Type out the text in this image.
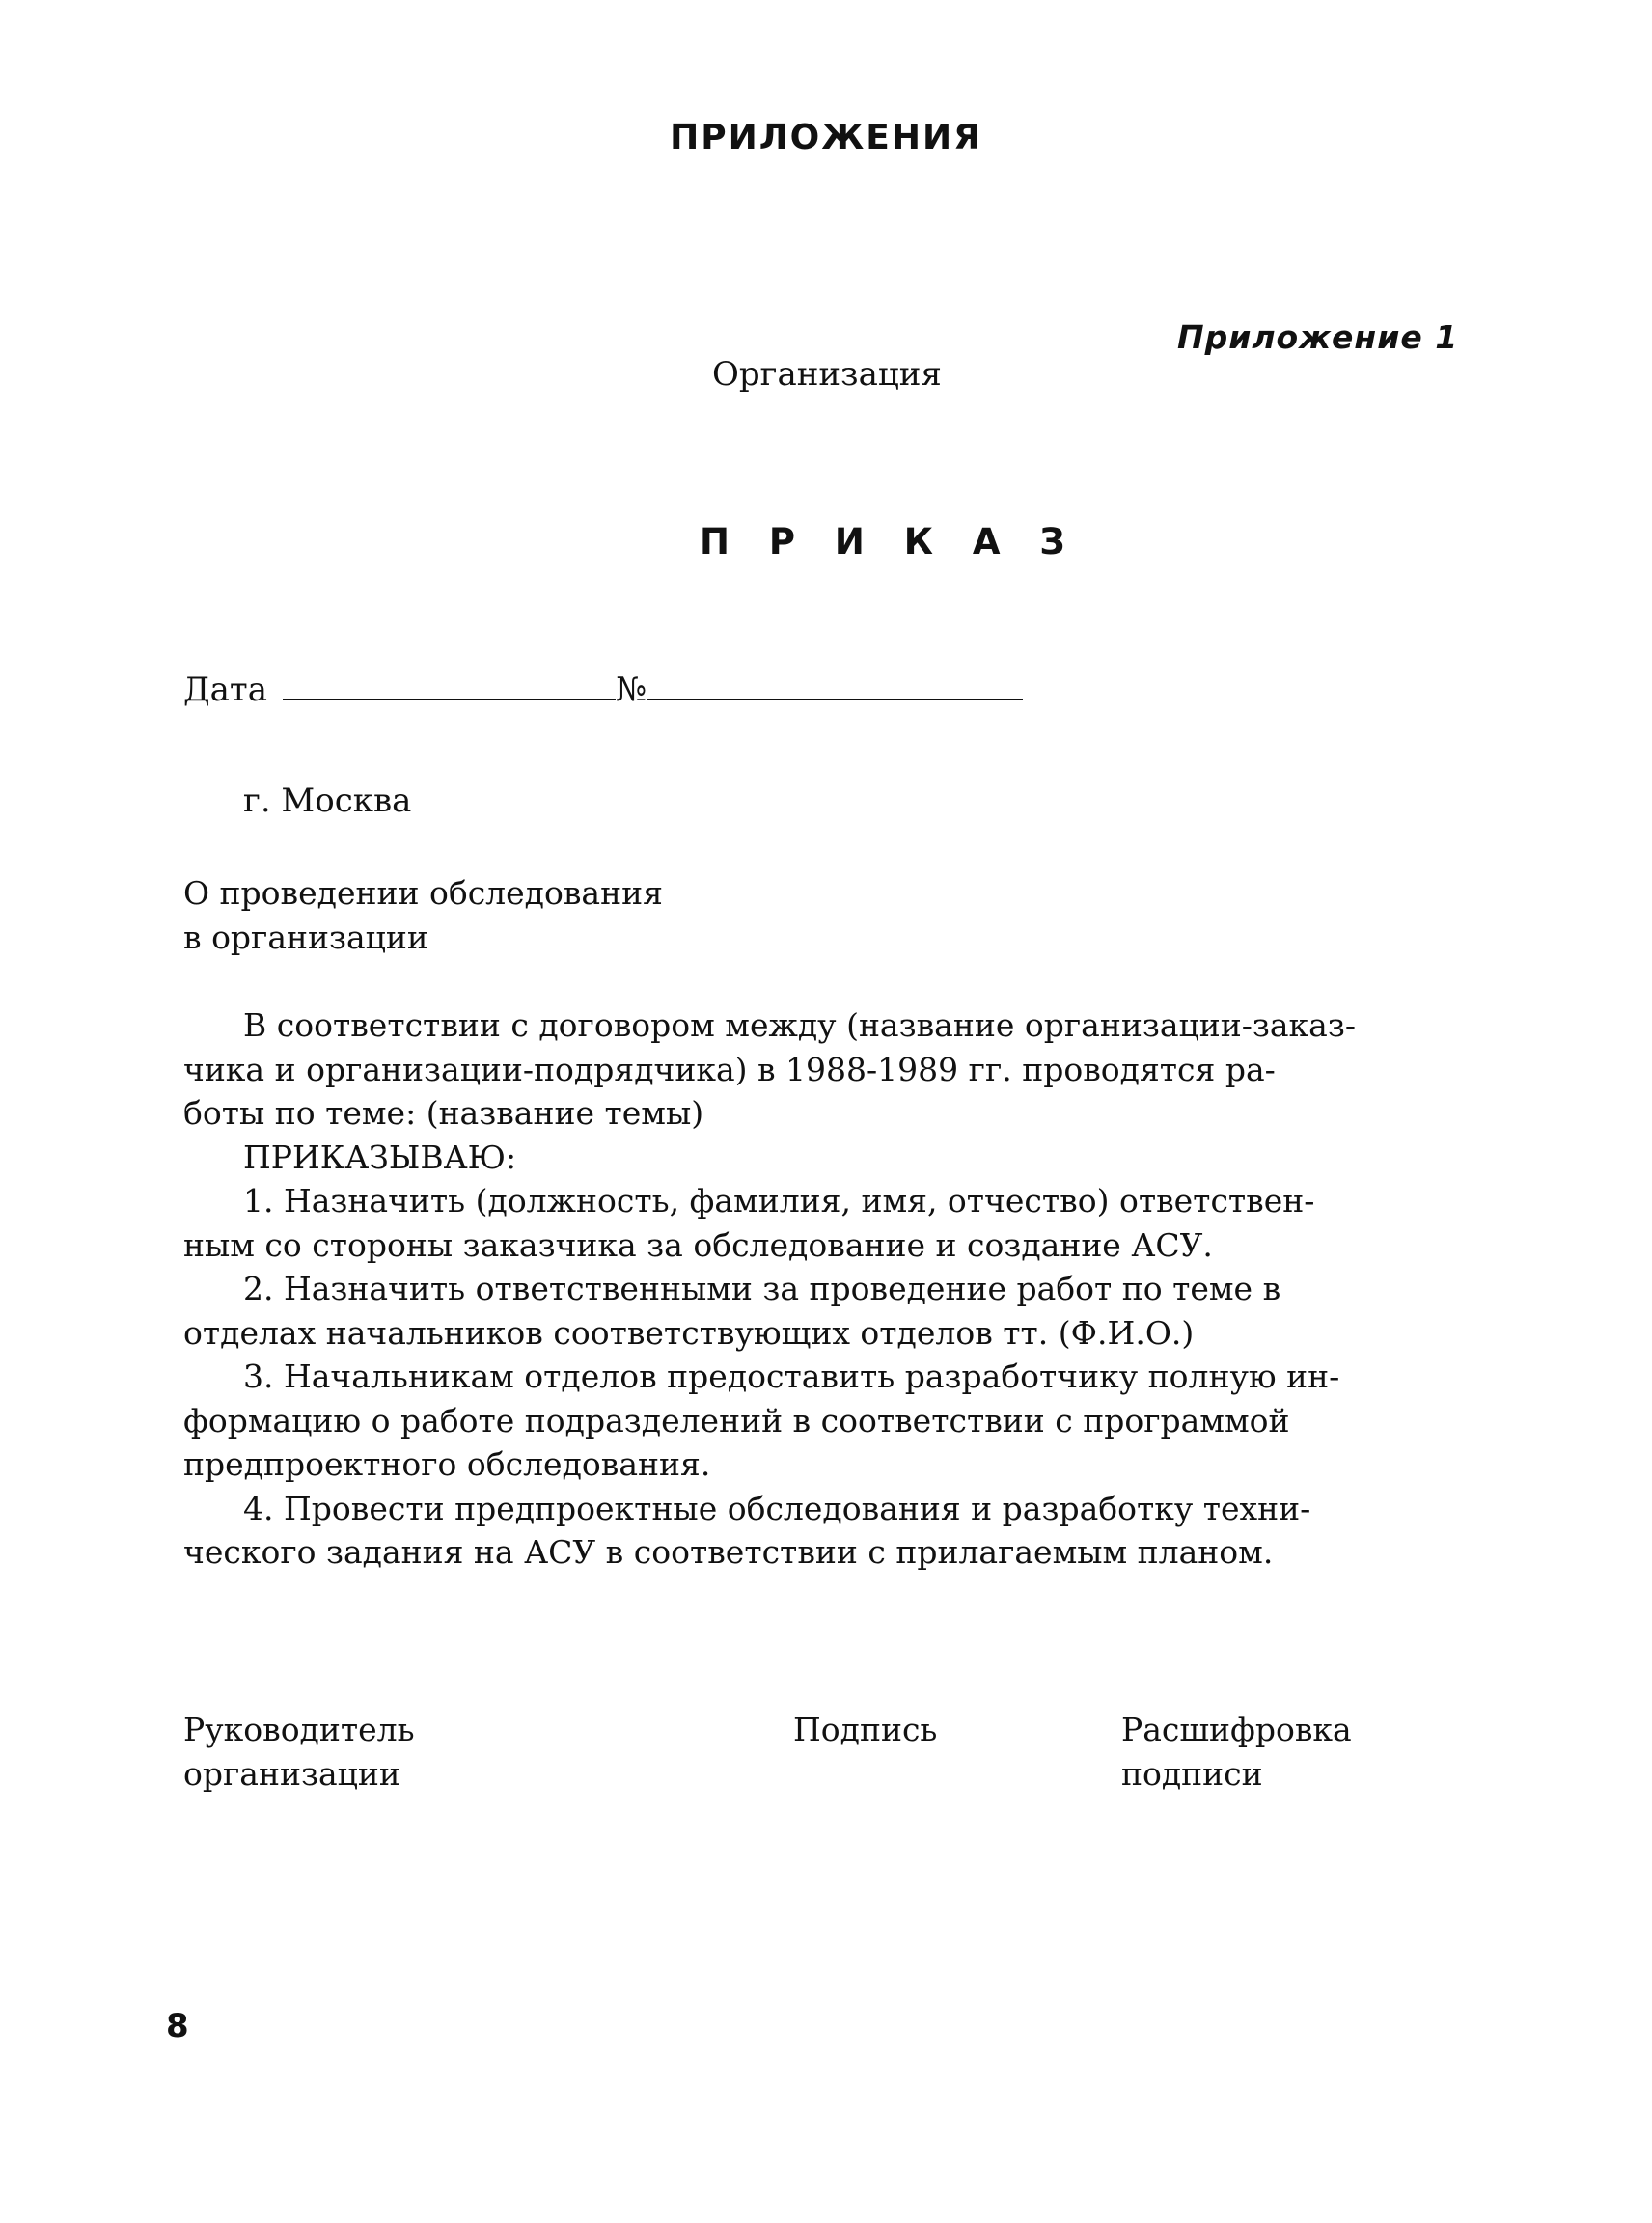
ПРИЛОЖЕНИЯ
Приложение 1
Организация
П Р И К А З
Дата	№
г. Москва
О проведении обследования
в организации

В соответствии с договором между (название организации-заказ-

чика и организации-подрядчика) в 1988-1989 гг. проводятся ра-

боты по теме: (название темы)

ПРИКАЗЫВАЮ:

1. Назначить (должность, фамилия, имя, отчество) ответствен-

ным со стороны заказчика за обследование и создание АСУ.

2. Назначить ответственными за проведение работ по теме в

отделах начальников соответствующих отделов тт. (Ф.И.О.)

3. Начальникам отделов предоставить разработчику полную ин-

формацию о работе подразделений в соответствии с программой

предпроектного обследования.

4. Провести предпроектные обследования и разработку техни-

ческого задания на АСУ в соответствии с прилагаемым планом.

Руководитель
организации
Подпись	Расшифровка
подписи
8
